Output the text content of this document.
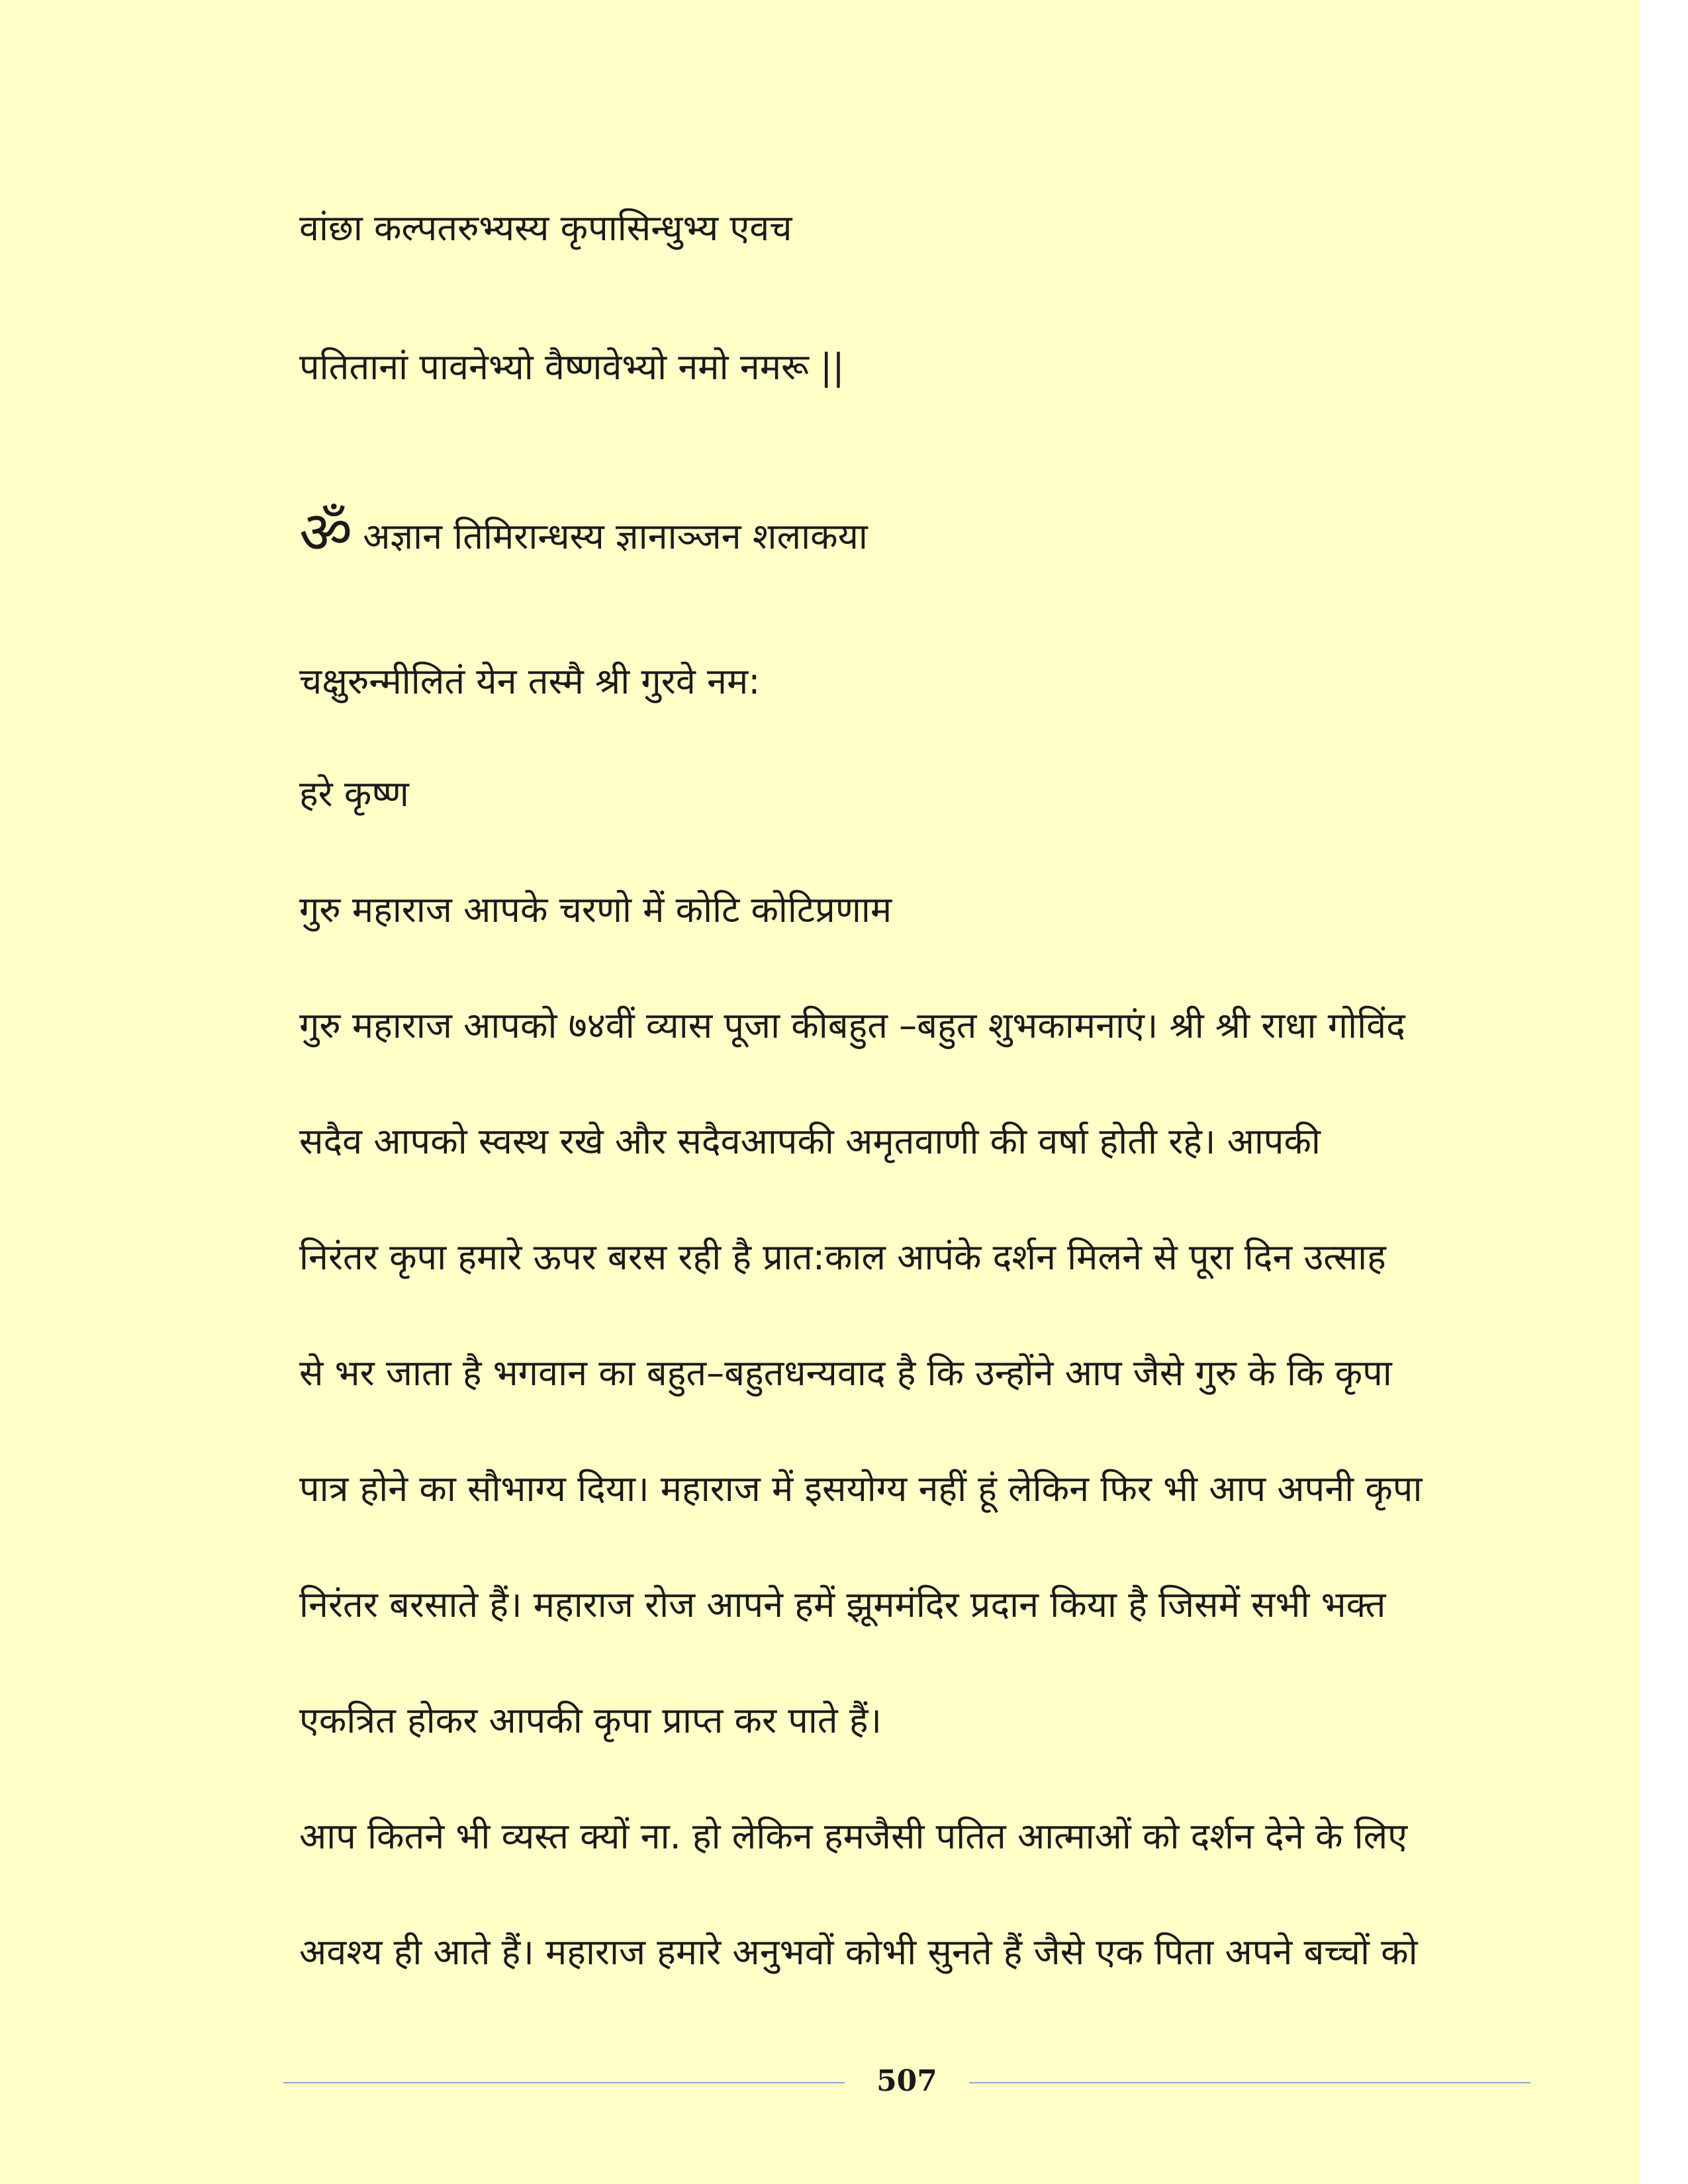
वांछा कल्पतरुभ्यस्य कृपासिन्धुभ्य एवच

पतितानां पावनेभ्यो वैष्णवेभ्यो नमो नमरू ||

ॐअज्ञान तिमिरान्धस्य ज्ञानाञ्जन शलाकया

चक्षुरुन्मीलितं येन तस्मै श्री गुरवे नम:

हरे कृष्ण

गुरु महाराज आपके चरणो में कोटि कोटिप्रणाम

गुरु महाराज आपको ७४वीं व्यास पूजा कीबहुत –बहुत शुभकामनाएं। श्री श्री राधा गोविंद

सदैव आपको स्वस्थ रखे और सदैवआपकी अमृतवाणी की वर्षा होती रहे। आपकी

निरंतर कृपा हमारे ऊपर बरस रही है प्रात:काल आपंके दर्शन मिलने से पूरा दिन उत्साह

से भर जाता है भगवान का बहुत–बहुतधन्यवाद है कि उन्होंने आप जैसे गुरु के कि कृपा

पात्र होने का सौभाग्य दिया। महाराज में इसयोग्य नहीं हूं लेकिन फिर भी आप अपनी कृपा

निरंतर बरसाते हैं। महाराज रोज आपने हमें झूममंदिर प्रदान किया है जिसमें सभी भक्त

एकत्रित होकर आपकी कृपा प्राप्त कर पाते हैं।

आप कितने भी व्यस्त क्यों ना. हो लेकिन हमजैसी पतित आत्माओं को दर्शन देने के लिए

अवश्य ही आते हैं। महाराज हमारे अनुभवों कोभी सुनते हैं जैसे एक पिता अपने बच्चों को

507
